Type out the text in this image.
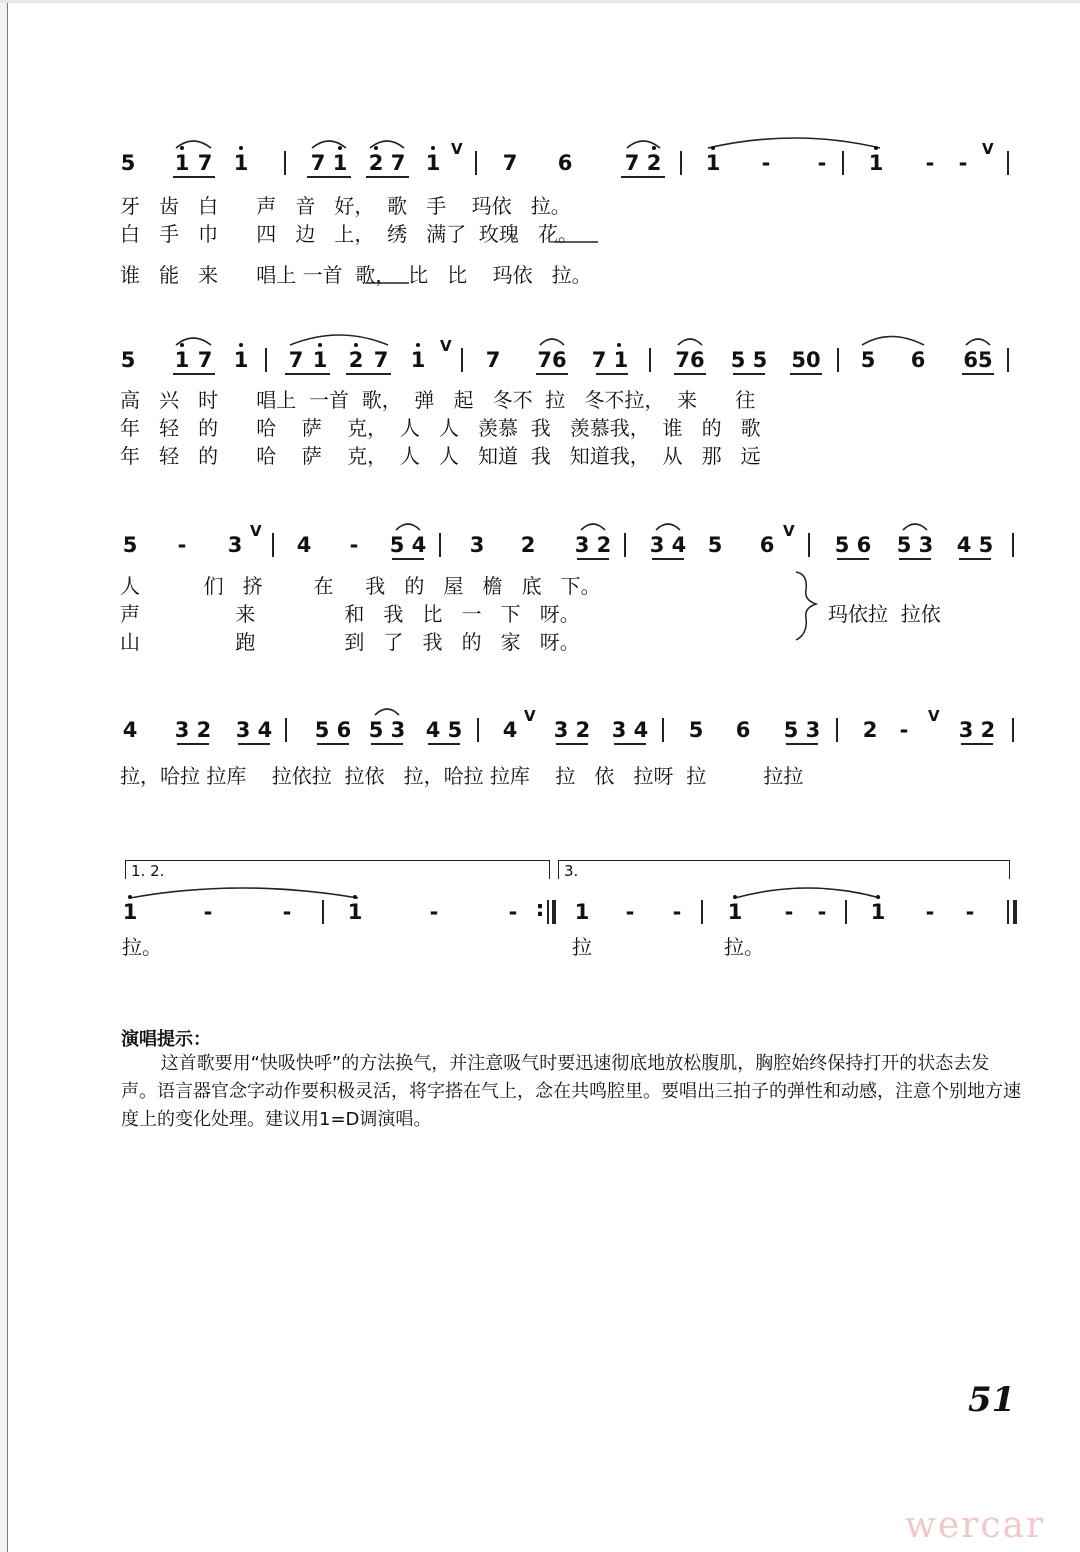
5 1 7 1	7 1 2 7 1
V
7 6 7 2 1 - - 1 - -
V
牙   齿   白      声   音   好，  歌   手    玛依   拉。
白   手   巾      四   边   上，  绣   满了  玫瑰   花。
谁   能   来      唱上 一首  歌，  比   比    玛依   拉。
5 1 7 1 7 1 2 7 1
V
7 76 7 1 76 5 5 50 5 6 65
高   兴   时      唱上  一首  歌，  弹   起   冬不  拉   冬不拉，  来      往
年   轻   的      哈    萨    克，  人   人   羡慕  我   羡慕我，  谁   的   歌
年   轻   的      哈    萨    克，  人   人   知道  我   知道我，  从   那   远
5 - 3
V
4 - 5 4 3 2 3 2 3 4 5 6
V
5 6 5 3 4 5
人          们   挤        在     我   的   屋   檐   底   下。
声               来              和   我   比   一   下   呀。
山               跑              到   了   我   的   家   呀。
玛依拉  拉依
4 3 2 3 4 5 6 5 3 4 5 4
V
3 2 3 4 5 6 5 3 2 -
V
3 2
拉，哈拉 拉库    拉依拉  拉依   拉，哈拉 拉库    拉   依   拉呀  拉         拉拉
1. 2.	3.
1	-	-	1	-	- : 1 - - 1 - - 1 - -
拉。	拉	拉。
演唱提示：
这首歌要用“快吸快呼”的方法换气，并注意吸气时要迅速彻底地放松腹肌，胸腔始终保持打开的状态去发声。语言器官念字动作要积极灵活，将字搭在气上，念在共鸣腔里。要唱出三拍子的弹性和动感，注意个别地方速度上的变化处理。建议用1=D调演唱。
51
wercar
